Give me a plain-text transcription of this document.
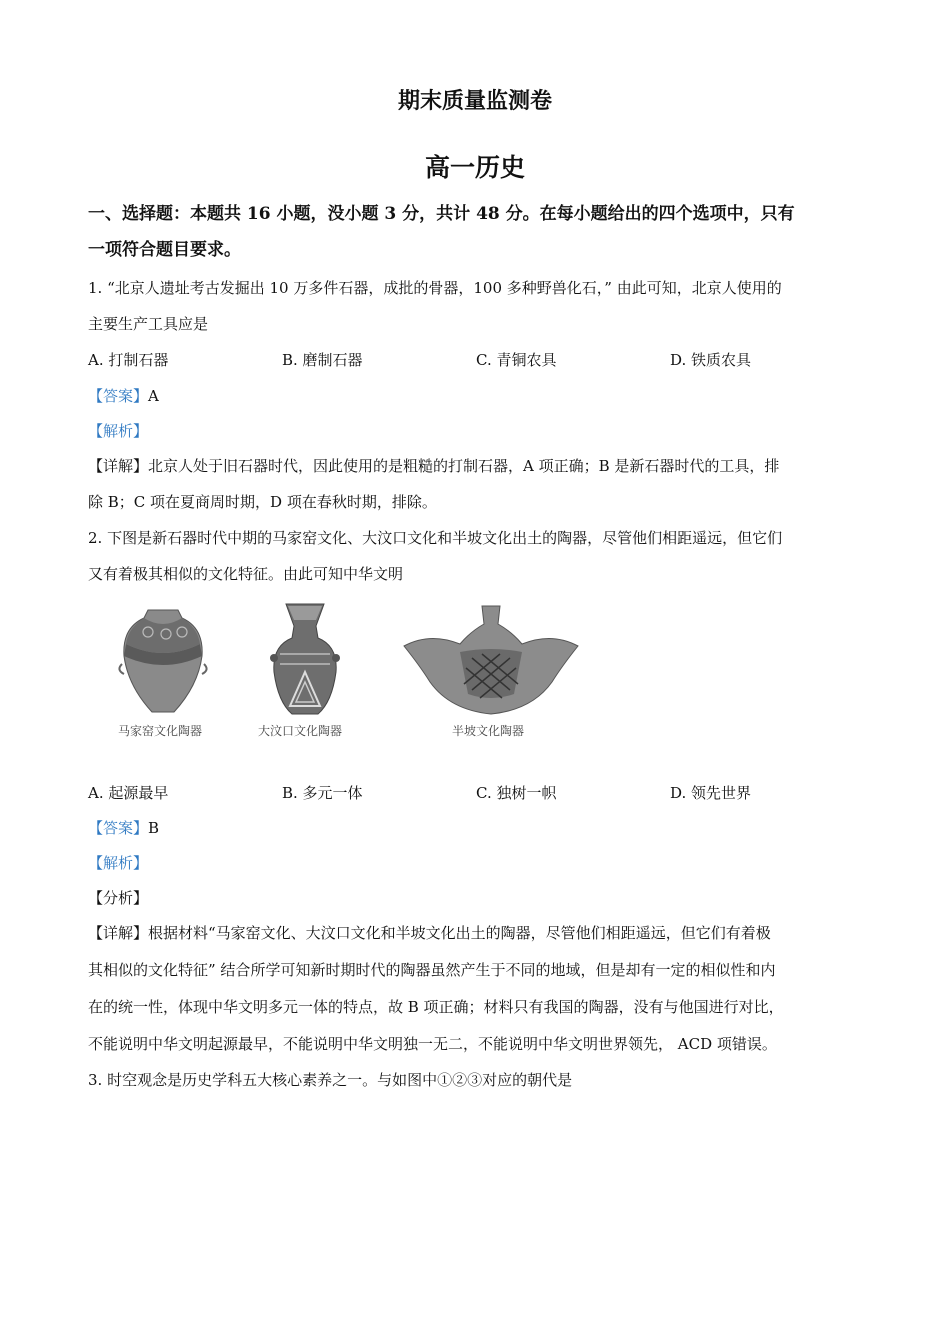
期末质量监测卷
高一历史
一、选择题：本题共 16 小题，没小题 3 分，共计 48 分。在每小题给出的四个选项中，只有
一项符合题目要求。
1. “北京人遗址考古发掘出 10 万多件石器，成批的骨器，100 多种野兽化石，” 由此可知，北京人使用的
主要生产工具应是
A. 打制石器	B. 磨制石器	C. 青铜农具	D. 铁质农具
【答案】A
【解析】
【详解】北京人处于旧石器时代，因此使用的是粗糙的打制石器，A 项正确；B 是新石器时代的工具，排
除 B；C 项在夏商周时期，D 项在春秋时期，排除。
2. 下图是新石器时代中期的马家窑文化、大汶口文化和半坡文化出土的陶器，尽管他们相距遥远，但它们
又有着极其相似的文化特征。由此可知中华文明
马家窑文化陶器	大汶口文化陶器	半坡文化陶器
A. 起源最早	B. 多元一体	C. 独树一帜	D. 领先世界
【答案】B
【解析】
【分析】
【详解】根据材料“马家窑文化、大汶口文化和半坡文化出土的陶器，尽管他们相距遥远，但它们有着极
其相似的文化特征” 结合所学可知新时期时代的陶器虽然产生于不同的地域，但是却有一定的相似性和内
在的统一性，体现中华文明多元一体的特点，故 B 项正确；材料只有我国的陶器，没有与他国进行对比，
不能说明中华文明起源最早，不能说明中华文明独一无二，不能说明中华文明世界领先， ACD 项错误。
3. 时空观念是历史学科五大核心素养之一。与如图中①②③对应的朝代是
